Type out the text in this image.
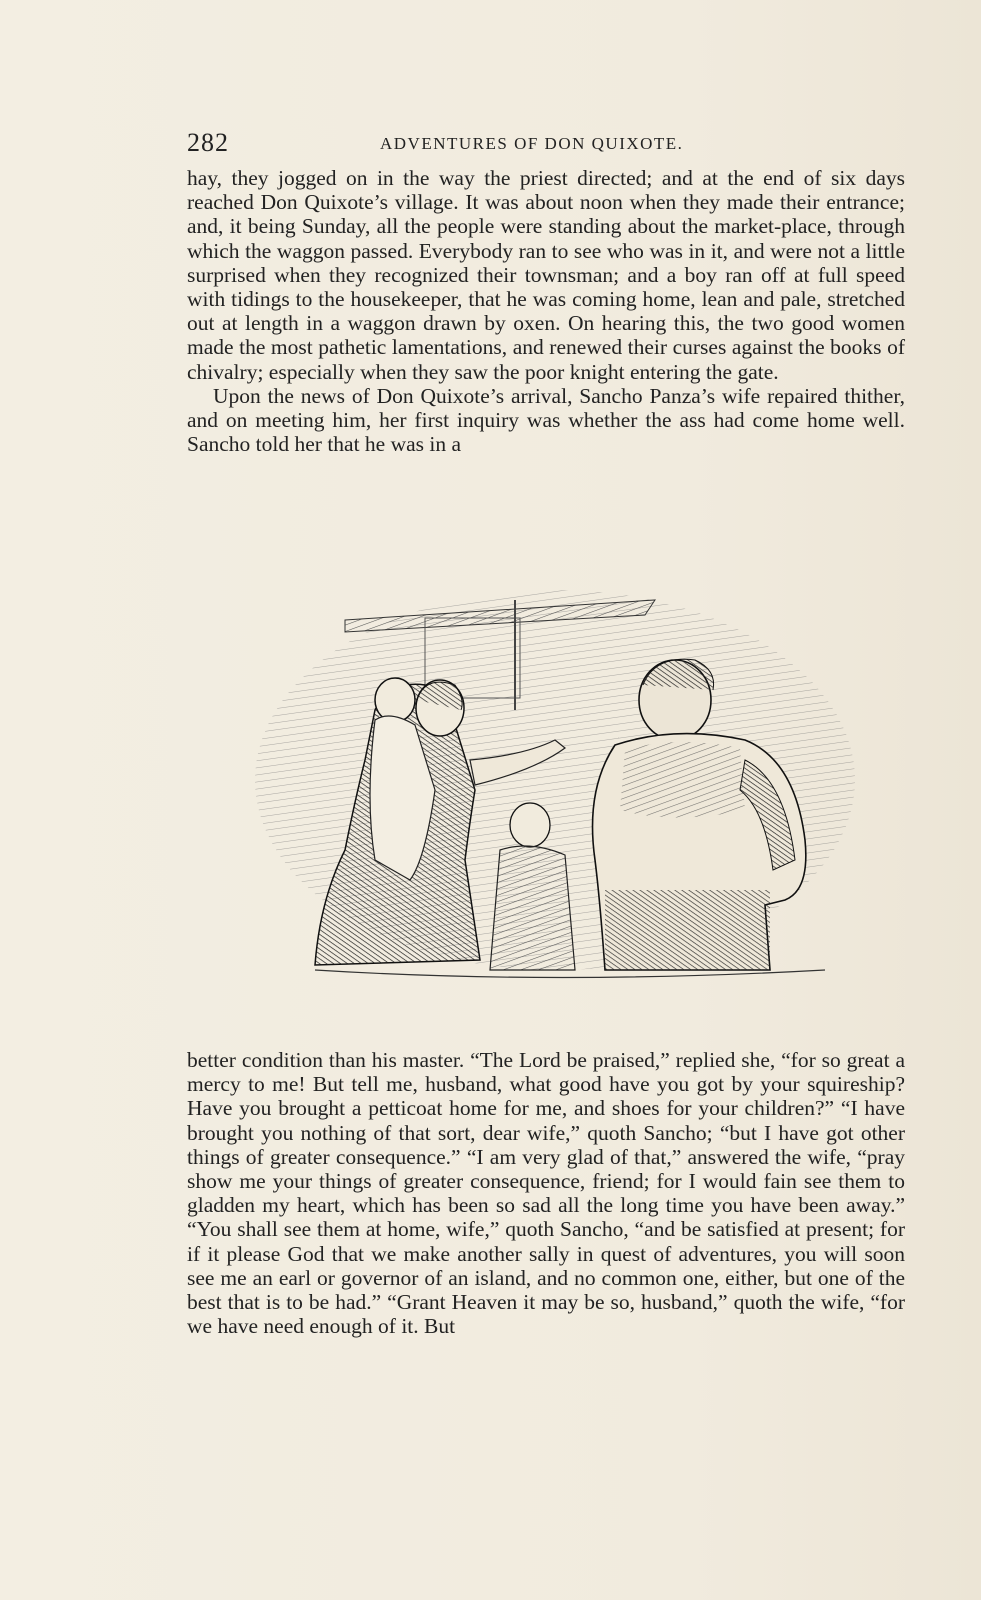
282	ADVENTURES OF DON QUIXOTE.

hay, they jogged on in the way the priest directed; and at the end of six days reached Don Quixote’s village. It was about noon when they made their entrance; and, it being Sunday, all the people were standing about the market-place, through which the waggon passed. Everybody ran to see who was in it, and were not a little surprised when they recognized their townsman; and a boy ran off at full speed with tidings to the housekeeper, that he was coming home, lean and pale, stretched out at length in a waggon drawn by oxen. On hearing this, the two good women made the most pathetic lamentations, and renewed their curses against the books of chivalry; especially when they saw the poor knight entering the gate.

Upon the news of Don Quixote’s arrival, Sancho Panza’s wife repaired thither, and on meeting him, her first inquiry was whether the ass had come home well. Sancho told her that he was in a

better condition than his master. “The Lord be praised,” replied she, “for so great a mercy to me! But tell me, husband, what good have you got by your squireship? Have you brought a petticoat home for me, and shoes for your children?” “I have brought you nothing of that sort, dear wife,” quoth Sancho; “but I have got other things of greater consequence.” “I am very glad of that,” answered the wife, “pray show me your things of greater consequence, friend; for I would fain see them to gladden my heart, which has been so sad all the long time you have been away.” “You shall see them at home, wife,” quoth Sancho, “and be satisfied at present; for if it please God that we make another sally in quest of adventures, you will soon see me an earl or governor of an island, and no common one, either, but one of the best that is to be had.” “Grant Heaven it may be so, husband,” quoth the wife, “for we have need enough of it. But
